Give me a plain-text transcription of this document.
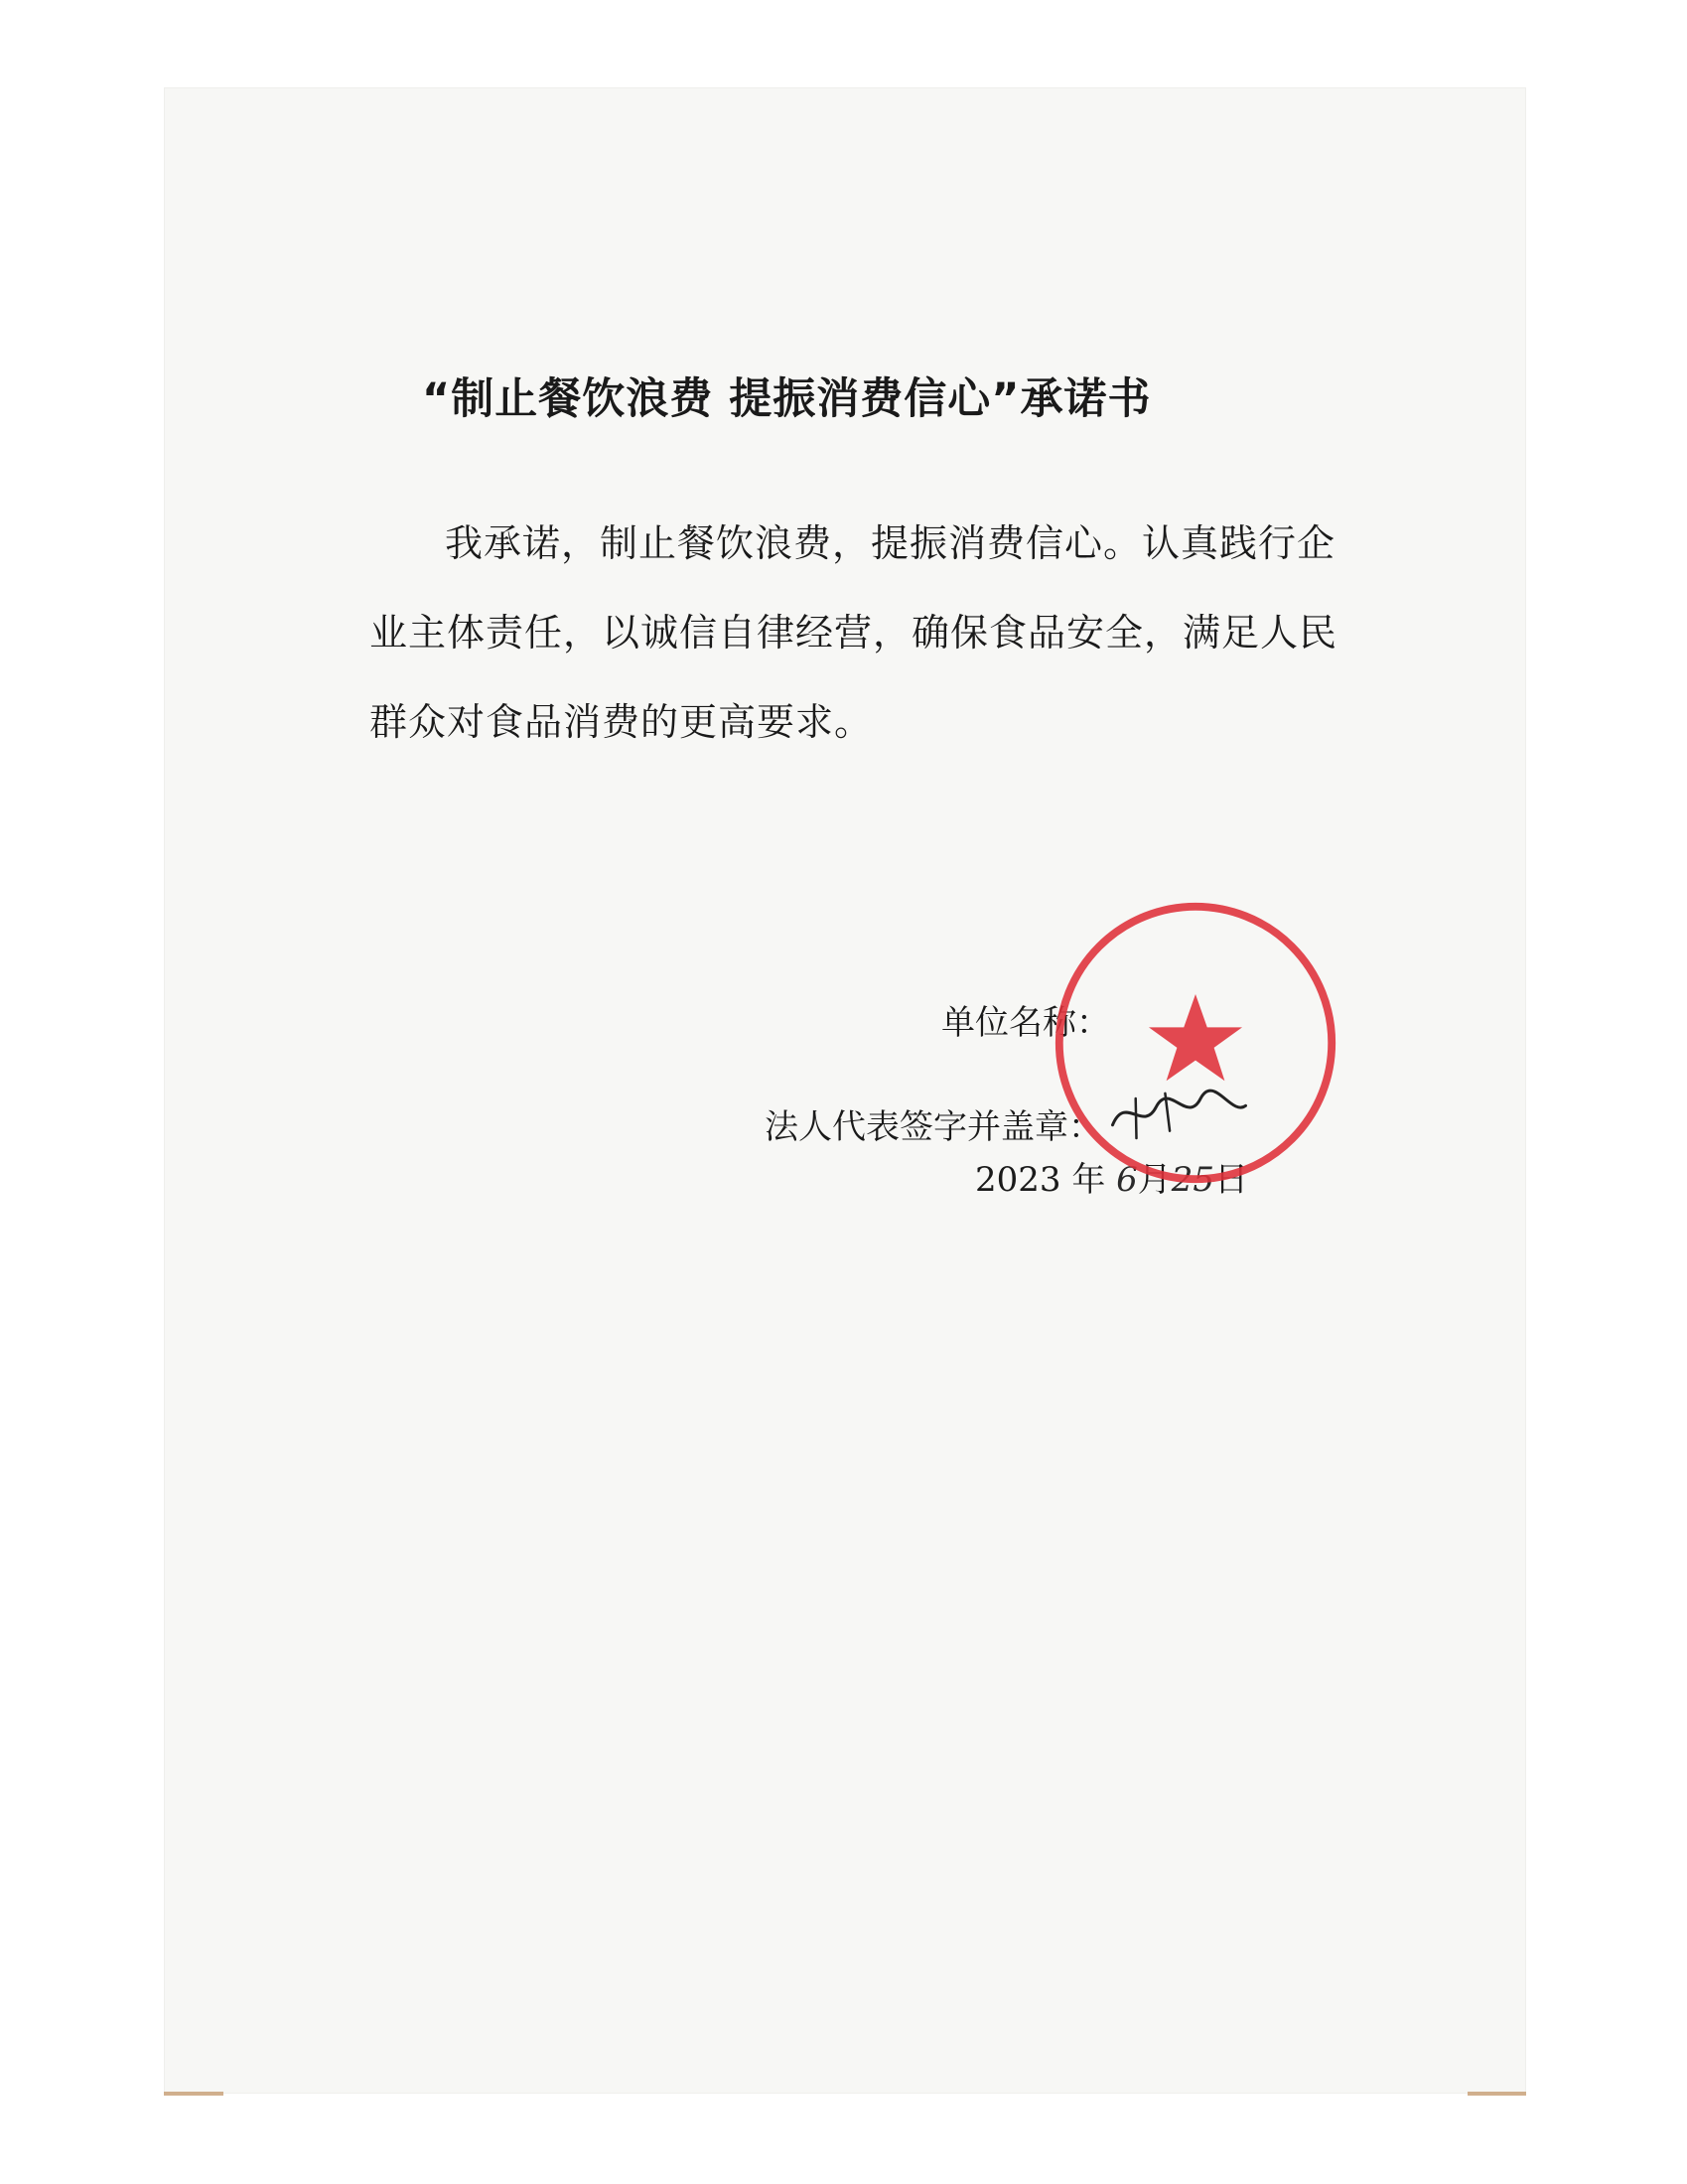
“制止餐饮浪费 提振消费信心”承诺书

我承诺，制止餐饮浪费，提振消费信心。认真践行企业主体责任，以诚信自律经营，确保食品安全，满足人民群众对食品消费的更高要求。

单位名称：
法人代表签字并盖章：
2023 年 6月25日
